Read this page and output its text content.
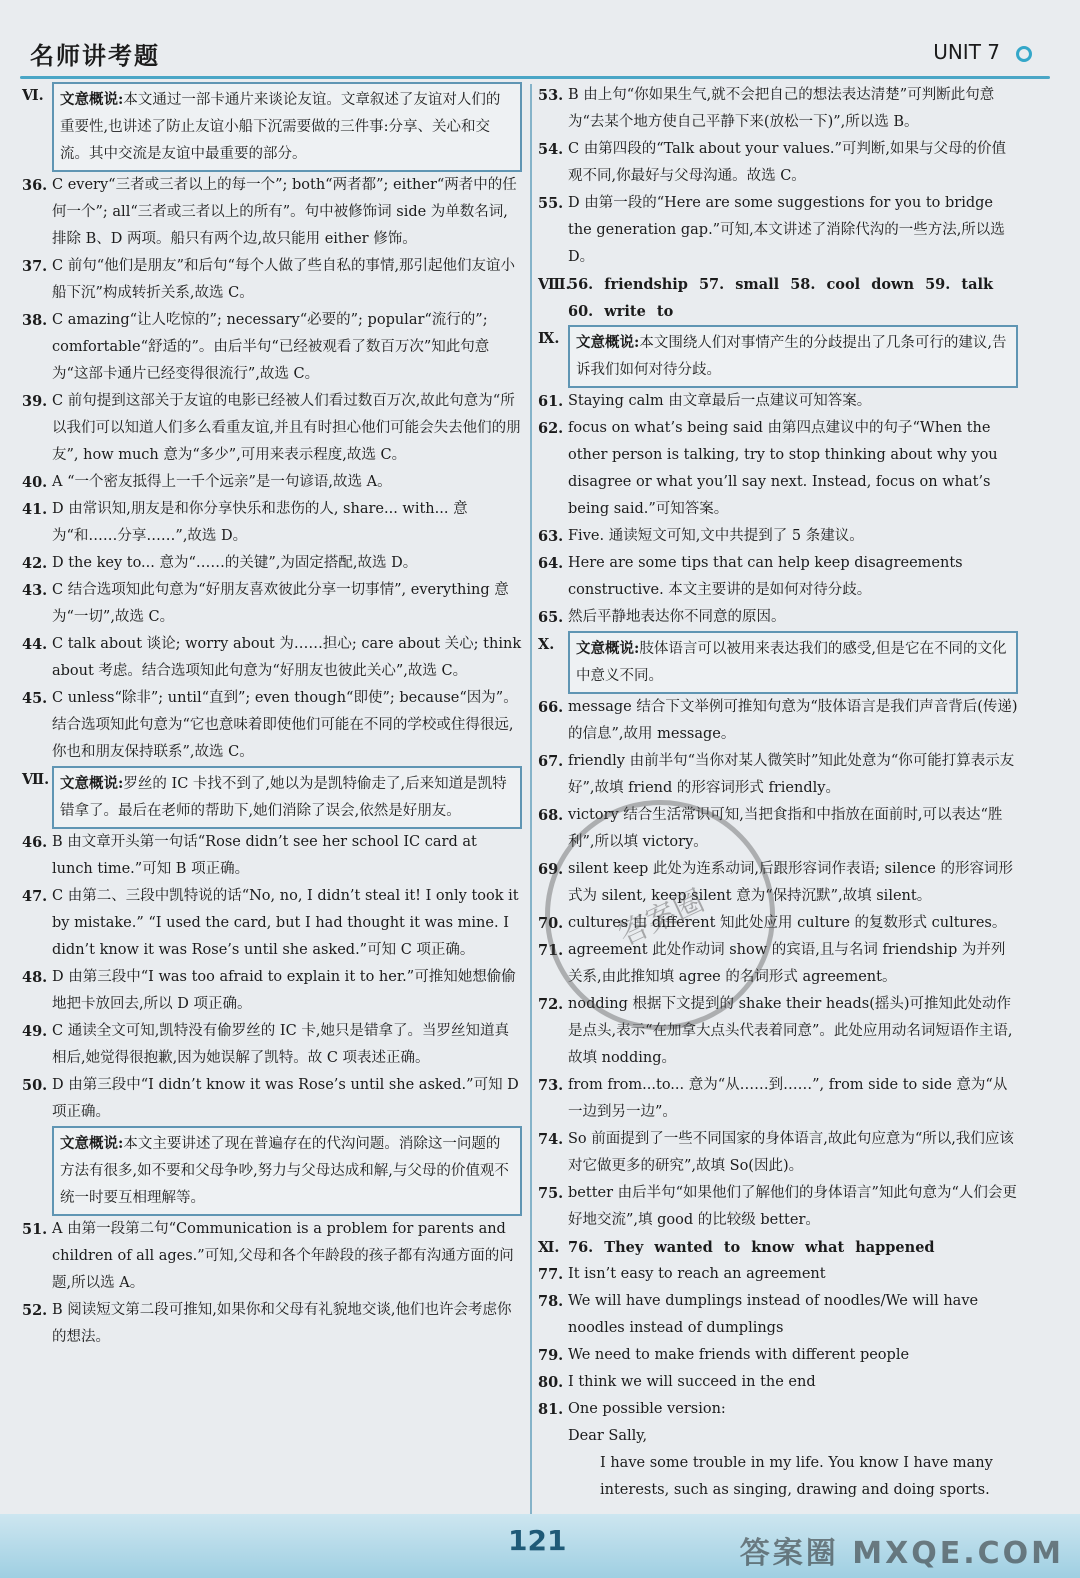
名师讲考题	UNIT 7
Ⅵ.	文意概说:本文通过一部卡通片来谈论友谊。文章叙述了友谊对人们的重要性,也讲述了防止友谊小船下沉需要做的三件事:分享、关心和交流。其中交流是友谊中最重要的部分。
36. C every“三者或三者以上的每一个”; both“两者都”; either“两者中的任何一个”; all“三者或三者以上的所有”。句中被修饰词 side 为单数名词,排除 B、D 两项。船只有两个边,故只能用 either 修饰。
37. C 前句“他们是朋友”和后句“每个人做了些自私的事情,那引起他们友谊小船下沉”构成转折关系,故选 C。
38. C amazing“让人吃惊的”; necessary“必要的”; popular“流行的”; comfortable“舒适的”。由后半句“已经被观看了数百万次”知此句意为“这部卡通片已经变得很流行”,故选 C。
39. C 前句提到这部关于友谊的电影已经被人们看过数百万次,故此句意为“所以我们可以知道人们多么看重友谊,并且有时担心他们可能会失去他们的朋友”, how much 意为“多少”,可用来表示程度,故选 C。
40. A “一个密友抵得上一千个远亲”是一句谚语,故选 A。
41. D 由常识知,朋友是和你分享快乐和悲伤的人, share... with... 意为“和……分享……”,故选 D。
42. D the key to... 意为“……的关键”,为固定搭配,故选 D。
43. C 结合选项知此句意为“好朋友喜欢彼此分享一切事情”, everything 意为“一切”,故选 C。
44. C talk about 谈论; worry about 为……担心; care about 关心; think about 考虑。结合选项知此句意为“好朋友也彼此关心”,故选 C。
45. C unless“除非”; until“直到”; even though“即使”; because“因为”。结合选项知此句意为“它也意味着即使他们可能在不同的学校或住得很远,你也和朋友保持联系”,故选 C。
Ⅶ. 文意概说:罗丝的 IC 卡找不到了,她以为是凯特偷走了,后来知道是凯特错拿了。最后在老师的帮助下,她们消除了误会,依然是好朋友。
46. B 由文章开头第一句话“Rose didn’t see her school IC card at lunch time.”可知 B 项正确。
47. C 由第二、三段中凯特说的话“No, no, I didn’t steal it! I only took it by mistake.” “I used the card, but I had thought it was mine. I didn’t know it was Rose’s until she asked.”可知 C 项正确。
48. D 由第三段中“I was too afraid to explain it to her.”可推知她想偷偷地把卡放回去,所以 D 项正确。
49. C 通读全文可知,凯特没有偷罗丝的 IC 卡,她只是错拿了。当罗丝知道真相后,她觉得很抱歉,因为她误解了凯特。故 C 项表述正确。
50. D 由第三段中“I didn’t know it was Rose’s until she asked.”可知 D 项正确。
文意概说:本文主要讲述了现在普遍存在的代沟问题。消除这一问题的方法有很多,如不要和父母争吵,努力与父母达成和解,与父母的价值观不统一时要互相理解等。
51. A 由第一段第二句“Communication is a problem for parents and children of all ages.”可知,父母和各个年龄段的孩子都有沟通方面的问题,所以选 A。
52. B 阅读短文第二段可推知,如果你和父母有礼貌地交谈,他们也许会考虑你的想法。
53. B 由上句“你如果生气,就不会把自己的想法表达清楚”可判断此句意为“去某个地方使自己平静下来(放松一下)”,所以选 B。
54. C 由第四段的“Talk about your values.”可判断,如果与父母的价值观不同,你最好与父母沟通。故选 C。
55. D 由第一段的“Here are some suggestions for you to bridge the generation gap.”可知,本文讲述了消除代沟的一些方法,所以选 D。
Ⅷ.
56. friendship 57. small 58. cool down 59. talk 60. write to
Ⅸ.	文意概说:本文围绕人们对事情产生的分歧提出了几条可行的建议,告诉我们如何对待分歧。
61. Staying calm 由文章最后一点建议可知答案。
62. focus on what’s being said 由第四点建议中的句子“When the other person is talking, try to stop thinking about why you disagree or what you’ll say next. Instead, focus on what’s being said.”可知答案。
63. Five. 通读短文可知,文中共提到了 5 条建议。
64. Here are some tips that can help keep disagreements constructive. 本文主要讲的是如何对待分歧。
65. 然后平静地表达你不同意的原因。
Ⅹ.	文意概说:肢体语言可以被用来表达我们的感受,但是它在不同的文化中意义不同。
66. message 结合下文举例可推知句意为“肢体语言是我们声音背后(传递)的信息”,故用 message。
67. friendly 由前半句“当你对某人微笑时”知此处意为“你可能打算表示友好”,故填 friend 的形容词形式 friendly。
68. victory 结合生活常识可知,当把食指和中指放在面前时,可以表达“胜利”,所以填 victory。
69. silent keep 此处为连系动词,后跟形容词作表语; silence 的形容词形式为 silent, keep silent 意为“保持沉默”,故填 silent。
70. cultures 由 different 知此处应用 culture 的复数形式 cultures。
71. agreement 此处作动词 show 的宾语,且与名词 friendship 为并列关系,由此推知填 agree 的名词形式 agreement。
72. nodding 根据下文提到的 shake their heads(摇头)可推知此处动作是点头,表示“在加拿大点头代表着同意”。此处应用动名词短语作主语,故填 nodding。
73. from from...to... 意为“从……到……”, from side to side 意为“从一边到另一边”。
74. So 前面提到了一些不同国家的身体语言,故此句应意为“所以,我们应该对它做更多的研究”,故填 So(因此)。
75. better 由后半句“如果他们了解他们的身体语言”知此句意为“人们会更好地交流”,填 good 的比较级 better。
Ⅺ. 76. They wanted to know what happened
77. It isn’t easy to reach an agreement
78. We will have dumplings instead of noodles/We will have noodles instead of dumplings
79. We need to make friends with different people
80. I think we will succeed in the end
81. One possible version:
Dear Sally,
I have some trouble in my life. You know I have many interests, such as singing, drawing and doing sports.
答案圈
121	答案圈 MXQE.COM
